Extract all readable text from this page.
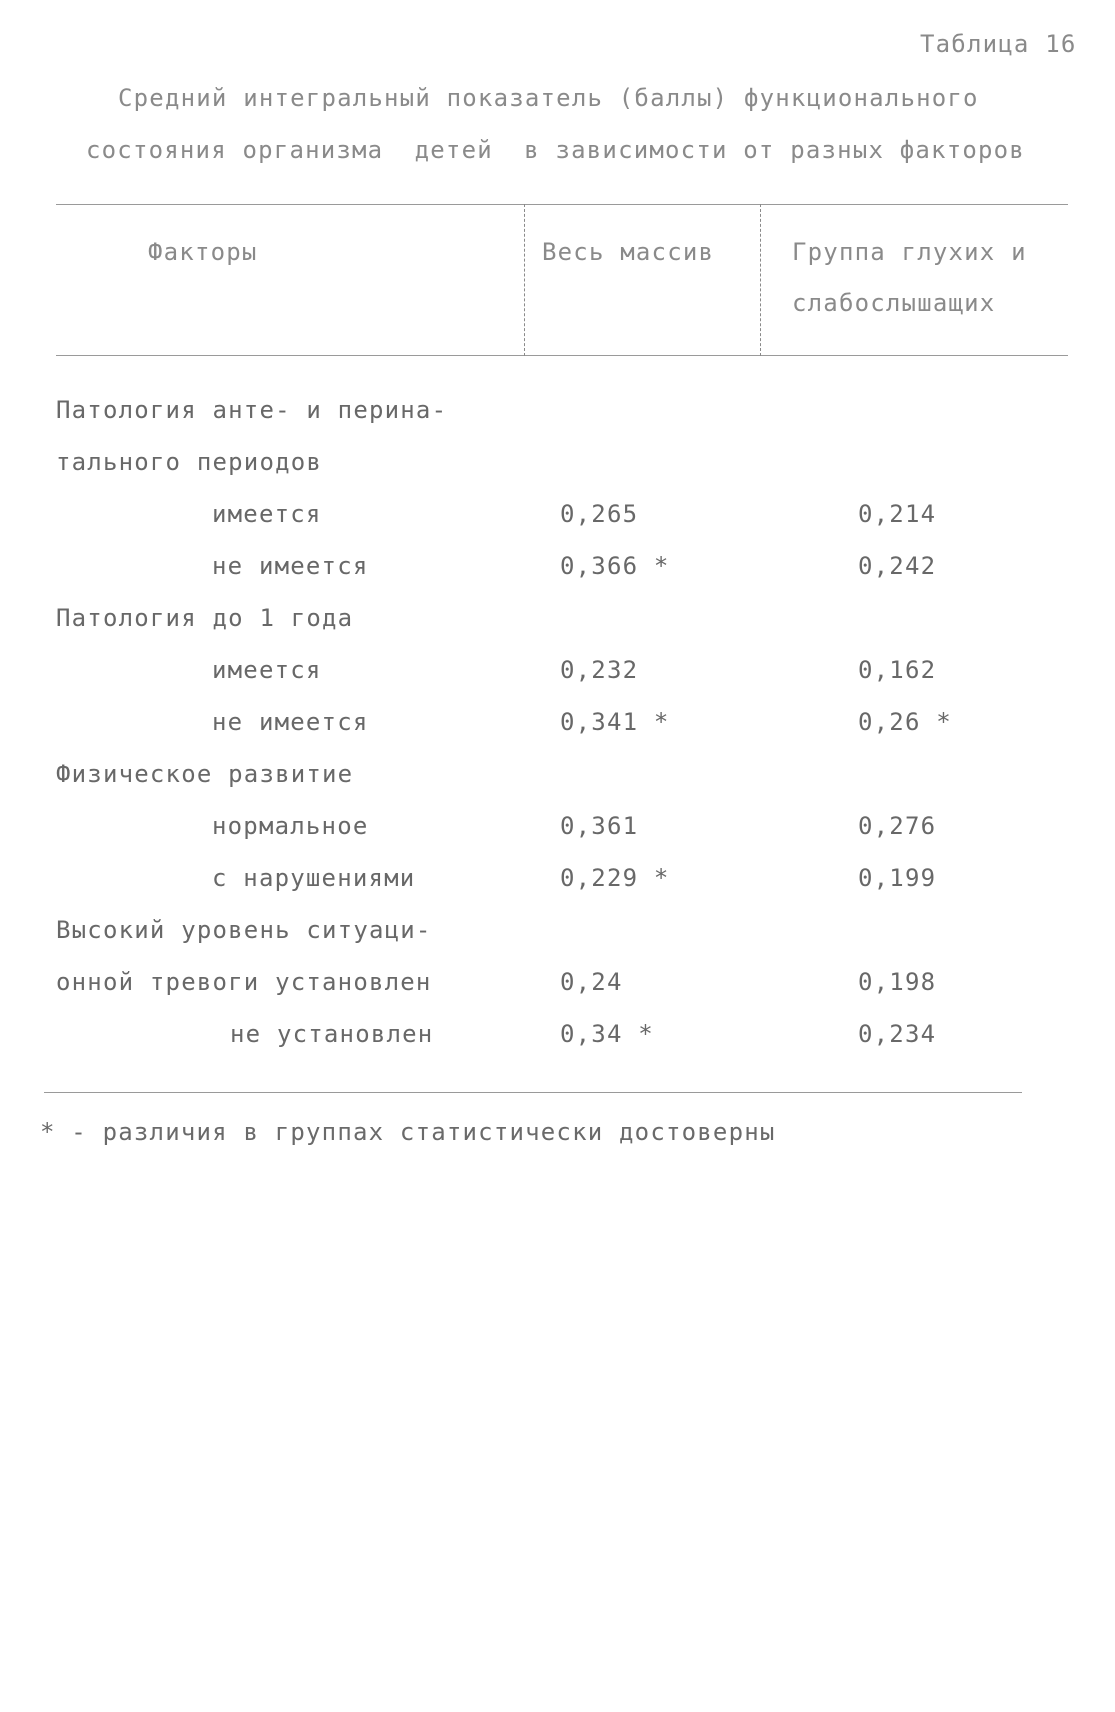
Таблица 16
Средний интегральный показатель (баллы) функционального
состояния организма  детей  в зависимости от разных факторов
Факторы	Весь массив	Группа глухих и
слабослышащих
Патология анте- и перина-
тального периодов
имеется	0,265	0,214
не имеется	0,366 *	0,242
Патология до 1 года
имеется	0,232	0,162
не имеется	0,341 *	0,26 *
Физическое развитие
нормальное	0,361	0,276
с нарушениями	0,229 *	0,199
Высокий уровень ситуаци-
онной тревоги установлен	0,24	0,198
не установлен	0,34 *	0,234
* - различия в группах статистически достоверны
